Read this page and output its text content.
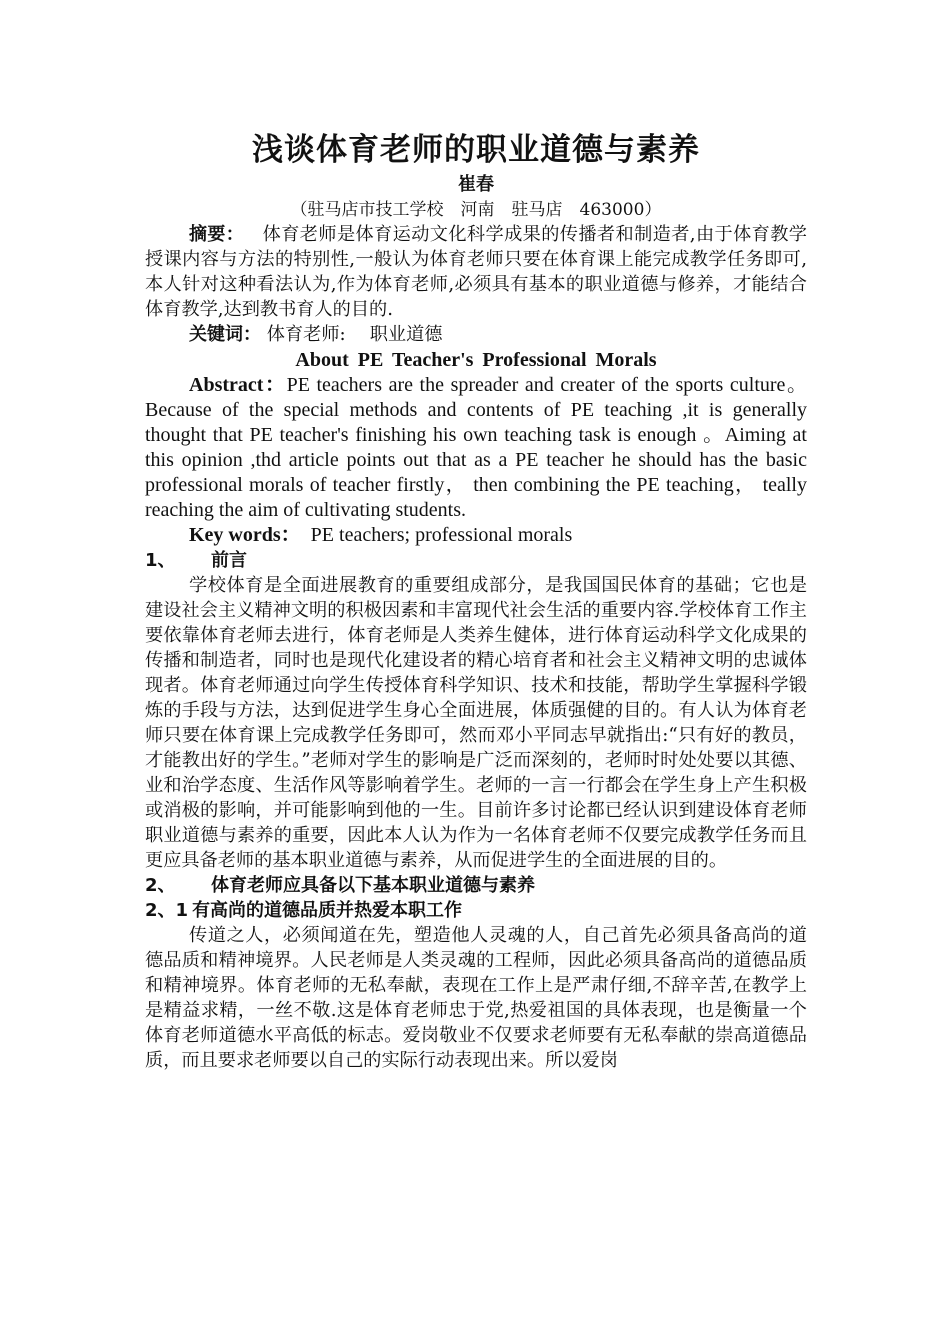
浅谈体育老师的职业道德与素养
崔春
（驻马店市技工学校　河南　驻马店　463000）

摘要： 体育老师是体育运动文化科学成果的传播者和制造者,由于体育教学授课内容与方法的特别性,一般认为体育老师只要在体育课上能完成教学任务即可,本人针对这种看法认为,作为体育老师,必须具有基本的职业道德与修养，才能结合体育教学,达到教书育人的目的.

关键词： 体育老师: 职业道德

About PE Teacher's Professional Morals

Abstract：PE teachers are the spreader and creater of the sports culture。 Because of the special methods and contents of PE teaching ,it is generally thought that PE teacher's finishing his own teaching task is enough 。Aiming at this opinion ,thd article points out that as a PE teacher he should has the basic professional morals of teacher firstly， then combining the PE teaching， teally reaching the aim of cultivating students.

Key words： PE teachers; professional morals

1、 前言

学校体育是全面进展教育的重要组成部分，是我国国民体育的基础；它也是建设社会主义精神文明的积极因素和丰富现代社会生活的重要内容.学校体育工作主要依靠体育老师去进行，体育老师是人类养生健体，进行体育运动科学文化成果的传播和制造者，同时也是现代化建设者的精心培育者和社会主义精神文明的忠诚体现者。体育老师通过向学生传授体育科学知识、技术和技能，帮助学生掌握科学锻炼的手段与方法，达到促进学生身心全面进展，体质强健的目的。有人认为体育老师只要在体育课上完成教学任务即可，然而邓小平同志早就指出:“只有好的教员，才能教出好的学生。”老师对学生的影响是广泛而深刻的，老师时时处处要以其德、业和治学态度、生活作风等影响着学生。老师的一言一行都会在学生身上产生积极或消极的影响，并可能影响到他的一生。目前许多讨论都已经认识到建设体育老师职业道德与素养的重要，因此本人认为作为一名体育老师不仅要完成教学任务而且更应具备老师的基本职业道德与素养，从而促进学生的全面进展的目的。

2、 体育老师应具备以下基本职业道德与素养
2、1 有高尚的道德品质并热爱本职工作

传道之人，必须闻道在先，塑造他人灵魂的人，自己首先必须具备高尚的道德品质和精神境界。人民老师是人类灵魂的工程师，因此必须具备高尚的道德品质和精神境界。体育老师的无私奉献，表现在工作上是严肃仔细,不辞辛苦,在教学上是精益求精，一丝不敬.这是体育老师忠于党,热爱祖国的具体表现，也是衡量一个体育老师道德水平高低的标志。爱岗敬业不仅要求老师要有无私奉献的崇高道德品质，而且要求老师要以自己的实际行动表现出来。所以爱岗
